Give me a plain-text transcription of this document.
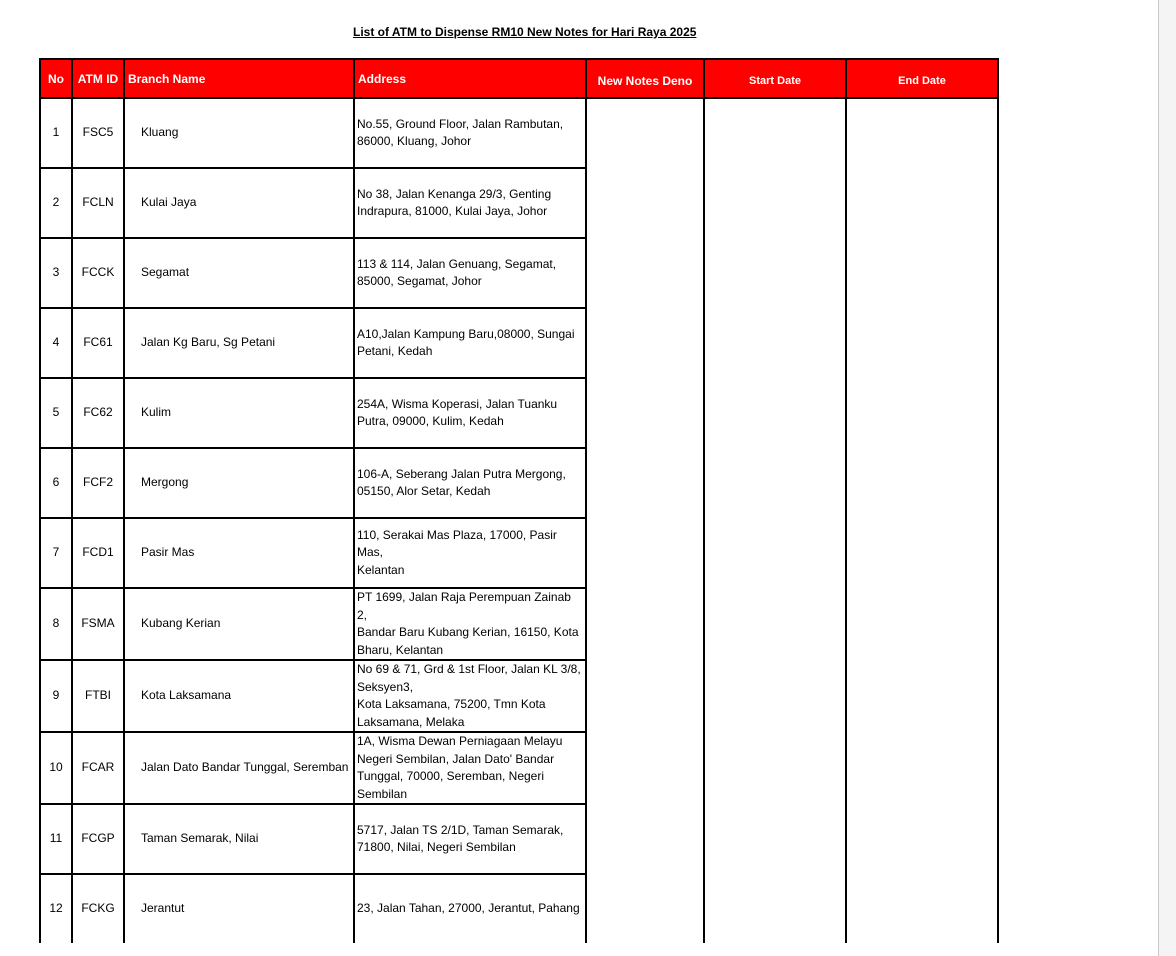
List of ATM to Dispense RM10 New Notes for Hari Raya 2025
No	ATM ID	Branch Name	Address	New Notes Deno	Start Date	End Date
1	FSC5	Kluang	No.55, Ground Floor, Jalan Rambutan,
86000, Kluang, Johor			

2	FCLN	Kulai Jaya	No 38, Jalan Kenanga 29/3, Genting
Indrapura, 81000, Kulai Jaya, Johor			

3	FCCK	Segamat	113 & 114, Jalan Genuang, Segamat,
85000, Segamat, Johor			

4	FC61	Jalan Kg Baru, Sg Petani	A10,Jalan Kampung Baru,08000, Sungai
Petani, Kedah			

5	FC62	Kulim	254A, Wisma Koperasi, Jalan Tuanku
Putra, 09000, Kulim, Kedah			

6	FCF2	Mergong	106-A, Seberang Jalan Putra Mergong,
05150, Alor Setar, Kedah			

7	FCD1	Pasir Mas	110, Serakai Mas Plaza, 17000, Pasir Mas,
Kelantan			

8	FSMA	Kubang Kerian	PT 1699, Jalan Raja Perempuan Zainab 2,
Bandar Baru Kubang Kerian, 16150, Kota
Bharu, Kelantan			

9	FTBI	Kota Laksamana	No 69 & 71, Grd & 1st Floor, Jalan KL 3/8,
Seksyen3,
Kota Laksamana, 75200, Tmn Kota
Laksamana, Melaka			

10	FCAR	Jalan Dato Bandar Tunggal, Seremban	1A, Wisma Dewan Perniagaan Melayu
Negeri Sembilan, Jalan Dato' Bandar
Tunggal, 70000, Seremban, Negeri
Sembilan			

11	FCGP	Taman Semarak, Nilai	5717, Jalan TS 2/1D, Taman Semarak,
71800, Nilai, Negeri Sembilan			

12	FCKG	Jerantut	23, Jalan Tahan, 27000, Jerantut, Pahang			
